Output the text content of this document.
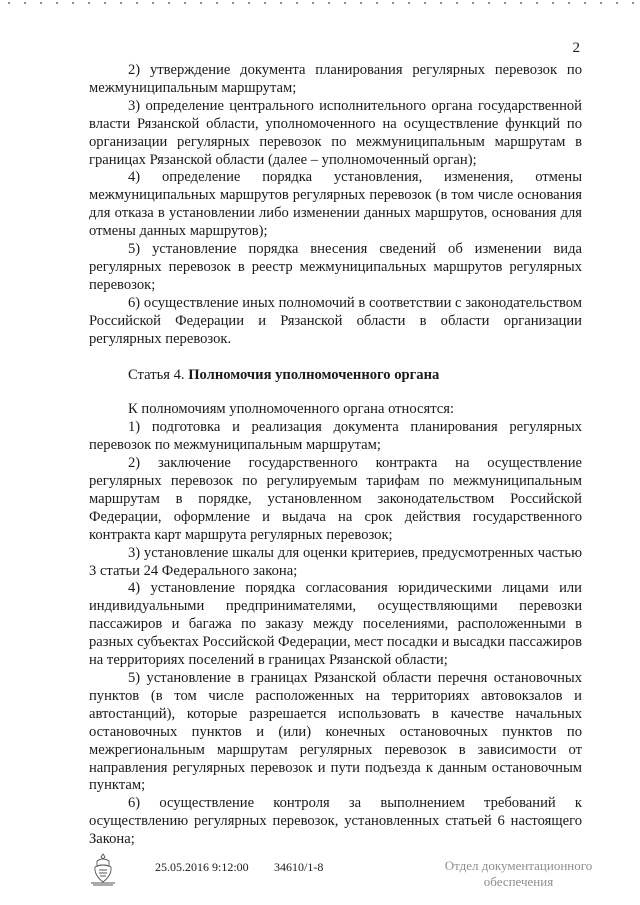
2

2) утверждение документа планирования регулярных перевозок по межмуниципальным маршрутам;

3) определение центрального исполнительного органа государственной власти Рязанской области, уполномоченного на осуществление функций по организации регулярных перевозок по межмуниципальным маршрутам в границах Рязанской области (далее – уполномоченный орган);

4) определение порядка установления, изменения, отмены межмуниципальных маршрутов регулярных перевозок (в том числе основания для отказа в установлении либо изменении данных маршрутов, основания для отмены данных маршрутов);

5) установление порядка внесения сведений об изменении вида регулярных перевозок в реестр межмуниципальных маршрутов регулярных перевозок;

6) осуществление иных полномочий в соответствии с законодательством Российской Федерации и Рязанской области в области организации регулярных перевозок.

Статья 4. Полномочия уполномоченного органа

К полномочиям уполномоченного органа относятся:

1) подготовка и реализация документа планирования регулярных перевозок по межмуниципальным маршрутам;

2) заключение государственного контракта на осуществление регулярных перевозок по регулируемым тарифам по межмуниципальным маршрутам в порядке, установленном законодательством Российской Федерации, оформление и выдача на срок действия государственного контракта карт маршрута регулярных перевозок;

3) установление шкалы для оценки критериев, предусмотренных частью 3 статьи 24 Федерального закона;

4) установление порядка согласования юридическими лицами или индивидуальными предпринимателями, осуществляющими перевозки пассажиров и багажа по заказу между поселениями, расположенными в разных субъектах Российской Федерации, мест посадки и высадки пассажиров на территориях поселений в границах Рязанской области;

5) установление в границах Рязанской области перечня остановочных пунктов (в том числе расположенных на территориях автовокзалов и автостанций), которые разрешается использовать в качестве начальных остановочных пунктов и (или) конечных остановочных пунктов по межрегиональным маршрутам регулярных перевозок в зависимости от направления регулярных перевозок и пути подъезда к данным остановочным пунктам;

6) осуществление контроля за выполнением требований к осуществлению регулярных перевозок, установленных статьей 6 настоящего Закона;

25.05.2016 9:12:00 34610/1-8	Отдел документационного
обеспечения
